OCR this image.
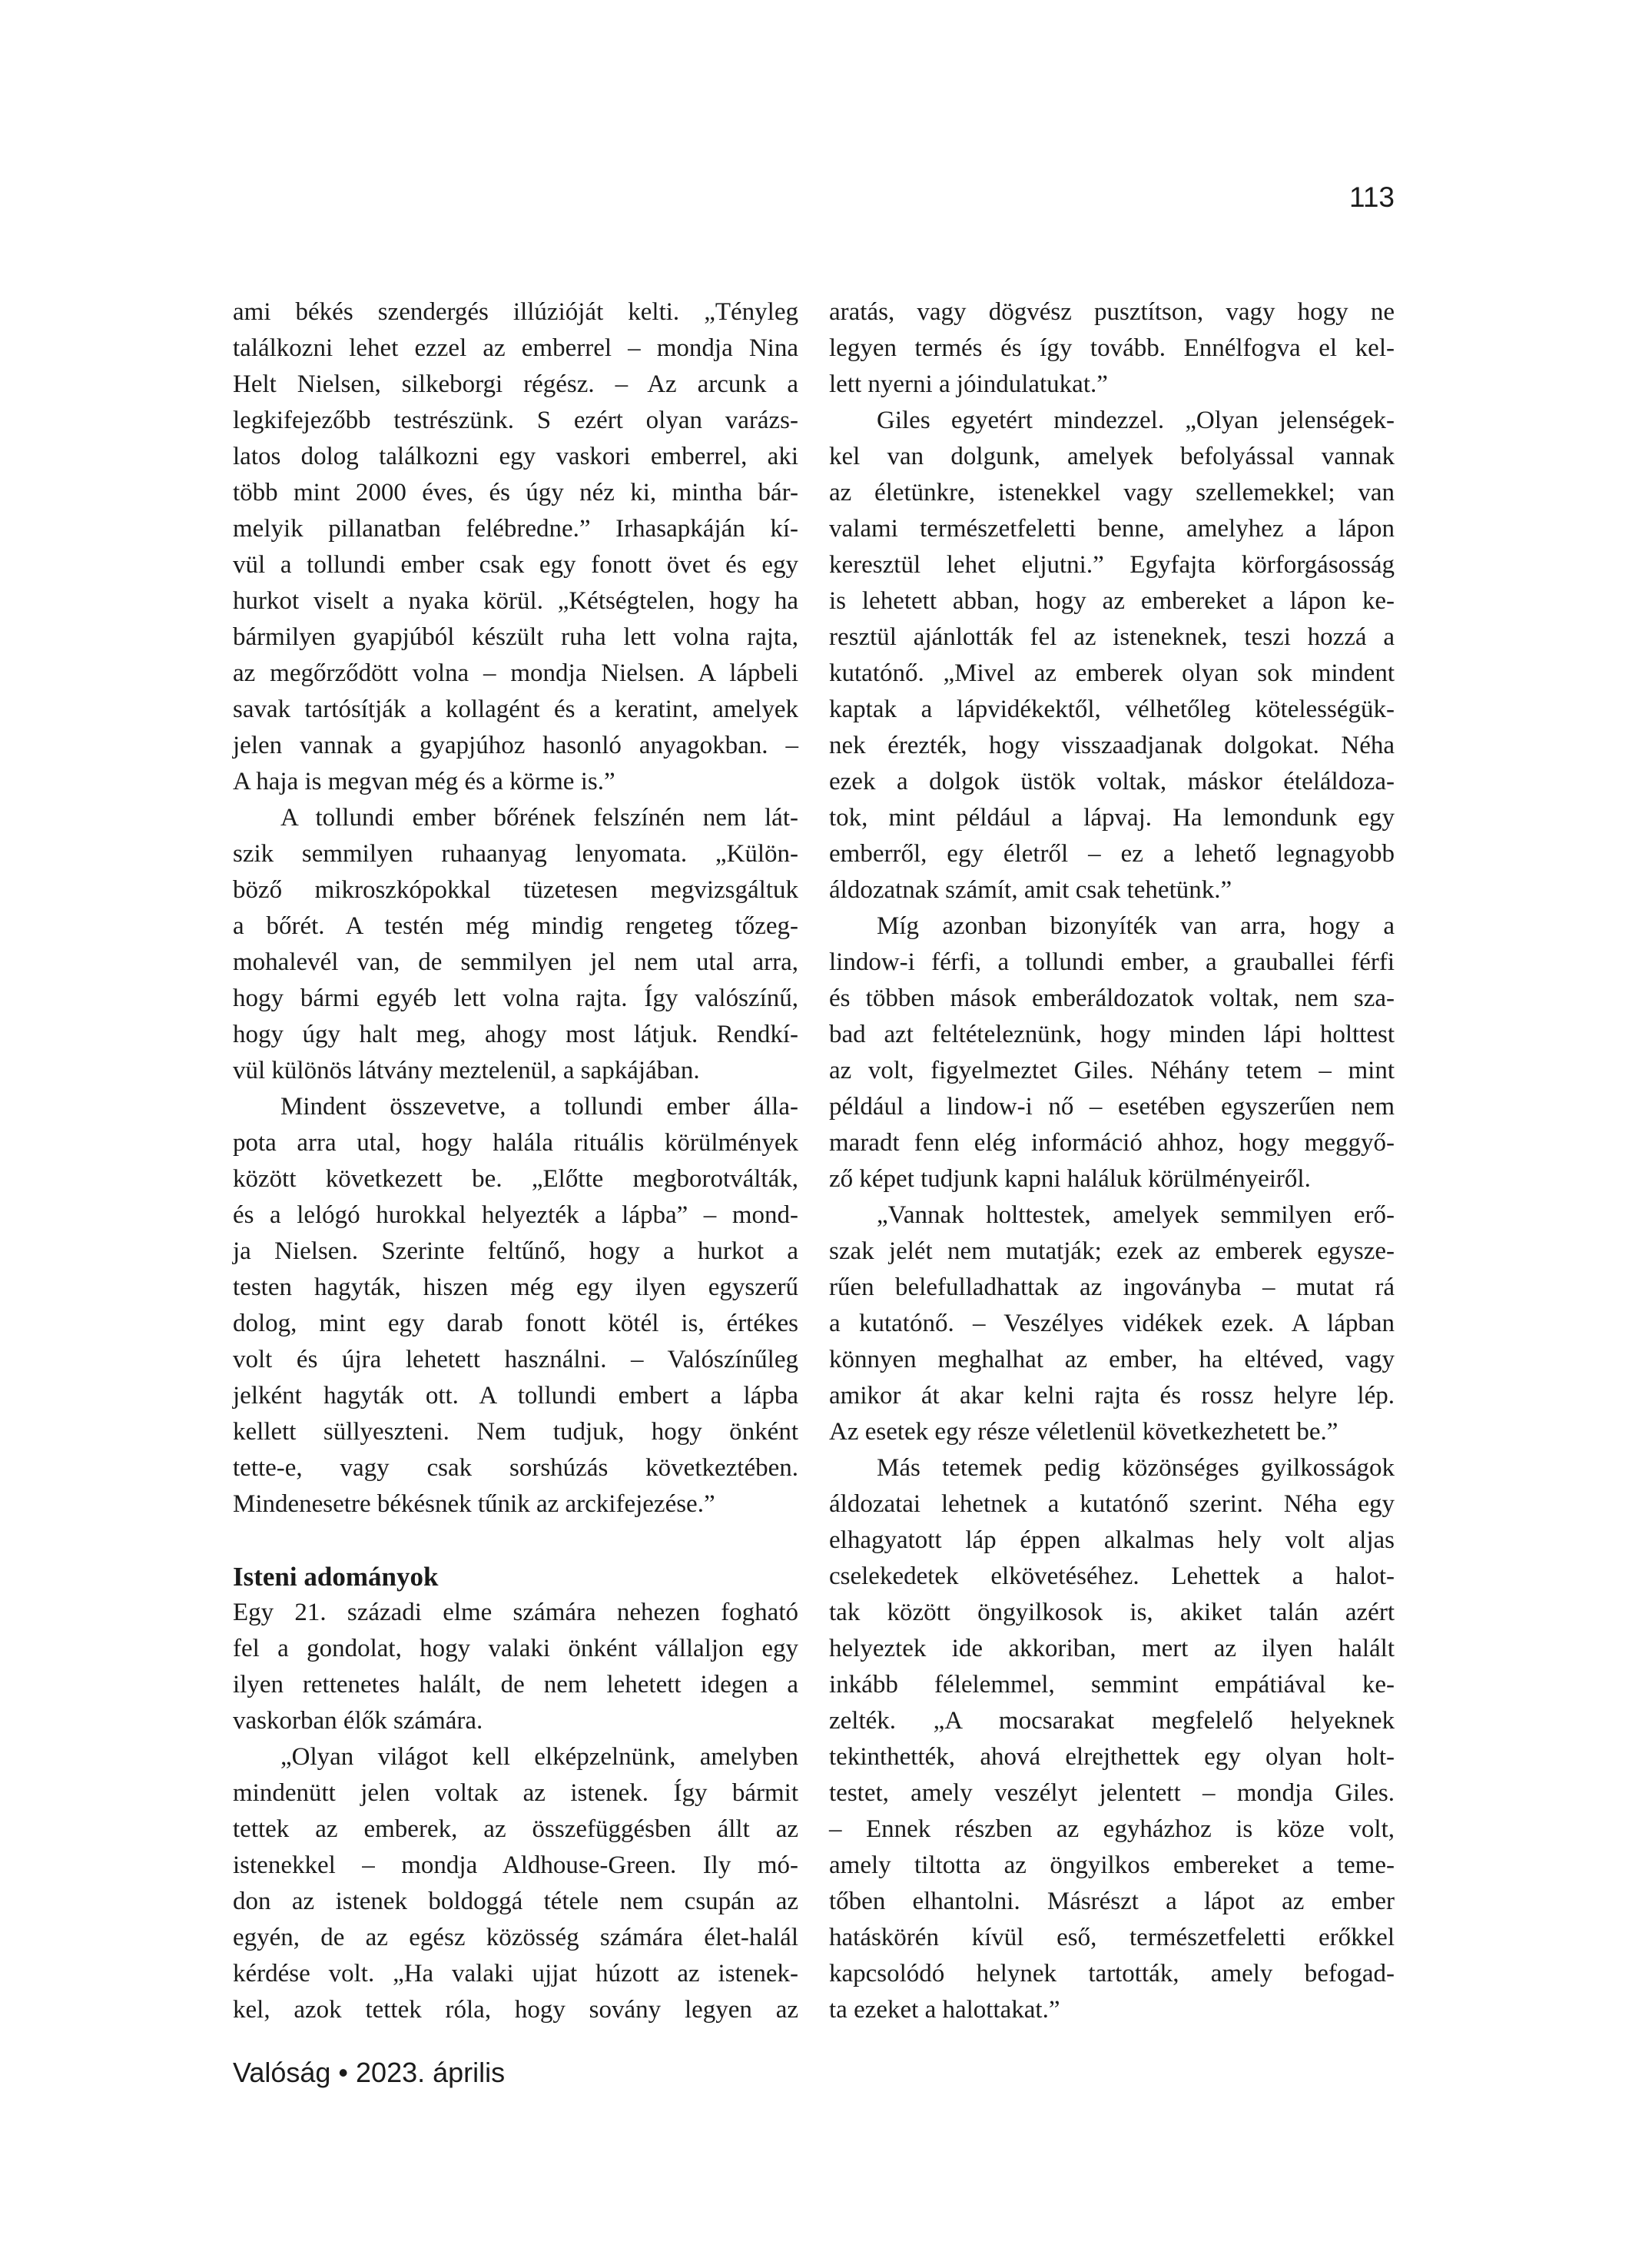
113
ami békés szendergés illúzióját kelti. „Tényleg
találkozni lehet ezzel az emberrel – mondja Nina
Helt Nielsen, silkeborgi régész. – Az arcunk a
legkifejezőbb testrészünk. S ezért olyan varázs-
latos dolog találkozni egy vaskori emberrel, aki
több mint 2000 éves, és úgy néz ki, mintha bár-
melyik pillanatban felébredne.” Irhasapkáján kí-
vül a tollundi ember csak egy fonott övet és egy
hurkot viselt a nyaka körül. „Kétségtelen, hogy ha
bármilyen gyapjúból készült ruha lett volna rajta,
az megőrződött volna – mondja Nielsen. A lápbeli
savak tartósítják a kollagént és a keratint, amelyek
jelen vannak a gyapjúhoz hasonló anyagokban. –
A haja is megvan még és a körme is.”
A tollundi ember bőrének felszínén nem lát-
szik semmilyen ruhaanyag lenyomata. „Külön-
böző mikroszkópokkal tüzetesen megvizsgáltuk
a bőrét. A testén még mindig rengeteg tőzeg-
mohalevél van, de semmilyen jel nem utal arra,
hogy bármi egyéb lett volna rajta. Így valószínű,
hogy úgy halt meg, ahogy most látjuk. Rendkí-
vül különös látvány meztelenül, a sapkájában.
Mindent összevetve, a tollundi ember álla-
pota arra utal, hogy halála rituális körülmények
között következett be. „Előtte megborotválták,
és a lelógó hurokkal helyezték a lápba” – mond-
ja Nielsen. Szerinte feltűnő, hogy a hurkot a
testen hagyták, hiszen még egy ilyen egyszerű
dolog, mint egy darab fonott kötél is, értékes
volt és újra lehetett használni. – Valószínűleg
jelként hagyták ott. A tollundi embert a lápba
kellett süllyeszteni. Nem tudjuk, hogy önként
tette-e, vagy csak sorshúzás következtében.
Mindenesetre békésnek tűnik az arckifejezése.”
Isteni adományok
Egy 21. századi elme számára nehezen fogható
fel a gondolat, hogy valaki önként vállaljon egy
ilyen rettenetes halált, de nem lehetett idegen a
vaskorban élők számára.
„Olyan világot kell elképzelnünk, amelyben
mindenütt jelen voltak az istenek. Így bármit
tettek az emberek, az összefüggésben állt az
istenekkel – mondja Aldhouse-Green. Ily mó-
don az istenek boldoggá tétele nem csupán az
egyén, de az egész közösség számára élet-halál
kérdése volt. „Ha valaki ujjat húzott az istenek-
kel, azok tettek róla, hogy sovány legyen az
aratás, vagy dögvész pusztítson, vagy hogy ne
legyen termés és így tovább. Ennélfogva el kel-
lett nyerni a jóindulatukat.”
Giles egyetért mindezzel. „Olyan jelenségek-
kel van dolgunk, amelyek befolyással vannak
az életünkre, istenekkel vagy szellemekkel; van
valami természetfeletti benne, amelyhez a lápon
keresztül lehet eljutni.” Egyfajta körforgásosság
is lehetett abban, hogy az embereket a lápon ke-
resztül ajánlották fel az isteneknek, teszi hozzá a
kutatónő. „Mivel az emberek olyan sok mindent
kaptak a lápvidékektől, vélhetőleg kötelességük-
nek érezték, hogy visszaadjanak dolgokat. Néha
ezek a dolgok üstök voltak, máskor ételáldoza-
tok, mint például a lápvaj. Ha lemondunk egy
emberről, egy életről – ez a lehető legnagyobb
áldozatnak számít, amit csak tehetünk.”
Míg azonban bizonyíték van arra, hogy a
lindow-i férfi, a tollundi ember, a grauballei férfi
és többen mások emberáldozatok voltak, nem sza-
bad azt feltételeznünk, hogy minden lápi holttest
az volt, figyelmeztet Giles. Néhány tetem – mint
például a lindow-i nő – esetében egyszerűen nem
maradt fenn elég információ ahhoz, hogy meggyő-
ző képet tudjunk kapni haláluk körülményeiről.
„Vannak holttestek, amelyek semmilyen erő-
szak jelét nem mutatják; ezek az emberek egysze-
rűen belefulladhattak az ingoványba – mutat rá
a kutatónő. – Veszélyes vidékek ezek. A lápban
könnyen meghalhat az ember, ha eltéved, vagy
amikor át akar kelni rajta és rossz helyre lép.
Az esetek egy része véletlenül következhetett be.”
Más tetemek pedig közönséges gyilkosságok
áldozatai lehetnek a kutatónő szerint. Néha egy
elhagyatott láp éppen alkalmas hely volt aljas
cselekedetek elkövetéséhez. Lehettek a halot-
tak között öngyilkosok is, akiket talán azért
helyeztek ide akkoriban, mert az ilyen halált
inkább félelemmel, semmint empátiával ke-
zelték. „A mocsarakat megfelelő helyeknek
tekinthették, ahová elrejthettek egy olyan holt-
testet, amely veszélyt jelentett – mondja Giles.
– Ennek részben az egyházhoz is köze volt,
amely tiltotta az öngyilkos embereket a teme-
tőben elhantolni. Másrészt a lápot az ember
hatáskörén kívül eső, természetfeletti erőkkel
kapcsolódó helynek tartották, amely befogad-
ta ezeket a halottakat.”
Valóság • 2023. április
